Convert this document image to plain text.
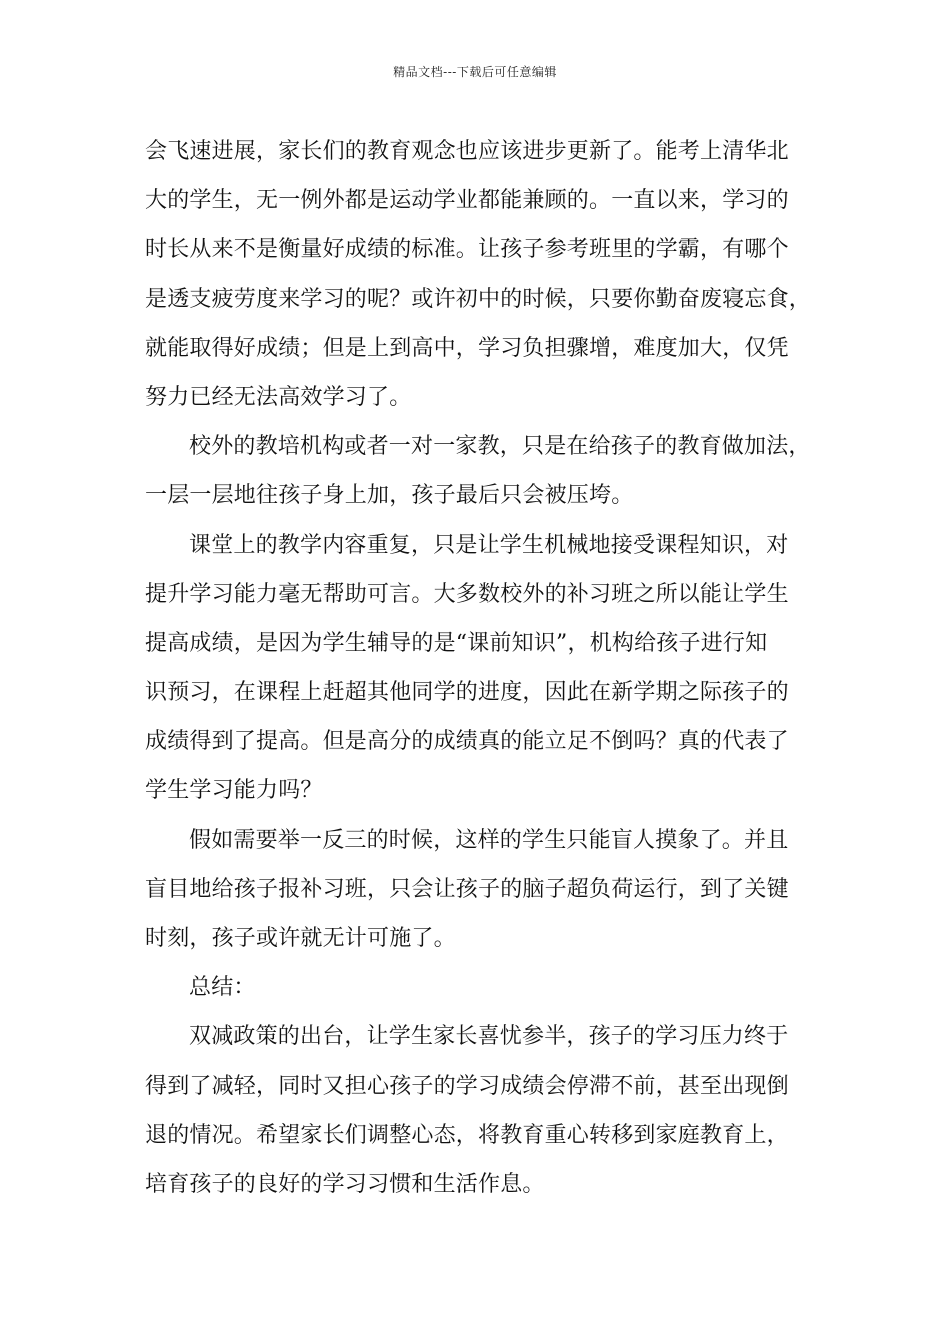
精品文档---下载后可任意编辑
会飞速进展，家长们的教育观念也应该进步更新了。能考上清华北
大的学生，无一例外都是运动学业都能兼顾的。一直以来，学习的
时长从来不是衡量好成绩的标准。让孩子参考班里的学霸，有哪个
是透支疲劳度来学习的呢？或许初中的时候，只要你勤奋废寝忘食，
就能取得好成绩；但是上到高中，学习负担骤增，难度加大，仅凭
努力已经无法高效学习了。
校外的教培机构或者一对一家教，只是在给孩子的教育做加法，
一层一层地往孩子身上加，孩子最后只会被压垮。
课堂上的教学内容重复，只是让学生机械地接受课程知识，对
提升学习能力毫无帮助可言。大多数校外的补习班之所以能让学生
提高成绩，是因为学生辅导的是“课前知识”，机构给孩子进行知
识预习，在课程上赶超其他同学的进度，因此在新学期之际孩子的
成绩得到了提高。但是高分的成绩真的能立足不倒吗？真的代表了
学生学习能力吗？
假如需要举一反三的时候，这样的学生只能盲人摸象了。并且
盲目地给孩子报补习班，只会让孩子的脑子超负荷运行，到了关键
时刻，孩子或许就无计可施了。
总结：
双减政策的出台，让学生家长喜忧参半，孩子的学习压力终于
得到了减轻，同时又担心孩子的学习成绩会停滞不前，甚至出现倒
退的情况。希望家长们调整心态，将教育重心转移到家庭教育上，
培育孩子的良好的学习习惯和生活作息。
